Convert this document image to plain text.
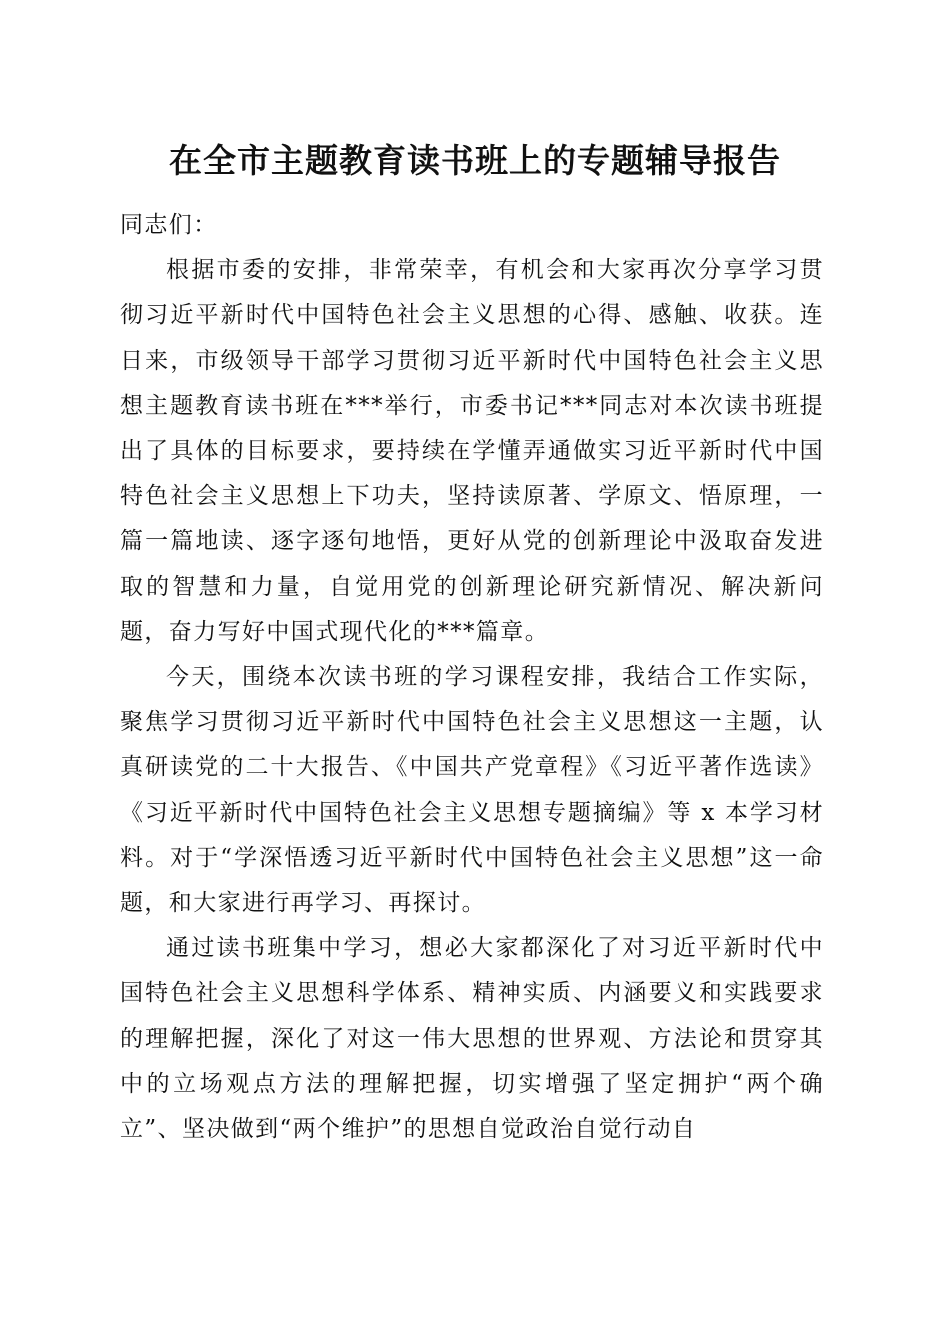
在全市主题教育读书班上的专题辅导报告

同志们：

根据市委的安排，非常荣幸，有机会和大家再次分享学习贯彻习近平新时代中国特色社会主义思想的心得、感触、收获。连日来，市级领导干部学习贯彻习近平新时代中国特色社会主义思想主题教育读书班在***举行，市委书记***同志对本次读书班提出了具体的目标要求，要持续在学懂弄通做实习近平新时代中国特色社会主义思想上下功夫，坚持读原著、学原文、悟原理，一篇一篇地读、逐字逐句地悟，更好从党的创新理论中汲取奋发进取的智慧和力量，自觉用党的创新理论研究新情况、解决新问题，奋力写好中国式现代化的***篇章。

今天，围绕本次读书班的学习课程安排，我结合工作实际，聚焦学习贯彻习近平新时代中国特色社会主义思想这一主题，认真研读党的二十大报告、《中国共产党章程》《习近平著作选读》《习近平新时代中国特色社会主义思想专题摘编》等 x 本学习材料。对于“学深悟透习近平新时代中国特色社会主义思想”这一命题，和大家进行再学习、再探讨。

通过读书班集中学习，想必大家都深化了对习近平新时代中国特色社会主义思想科学体系、精神实质、内涵要义和实践要求的理解把握，深化了对这一伟大思想的世界观、方法论和贯穿其中的立场观点方法的理解把握，切实增强了坚定拥护“两个确立”、坚决做到“两个维护”的思想自觉政治自觉行动自
